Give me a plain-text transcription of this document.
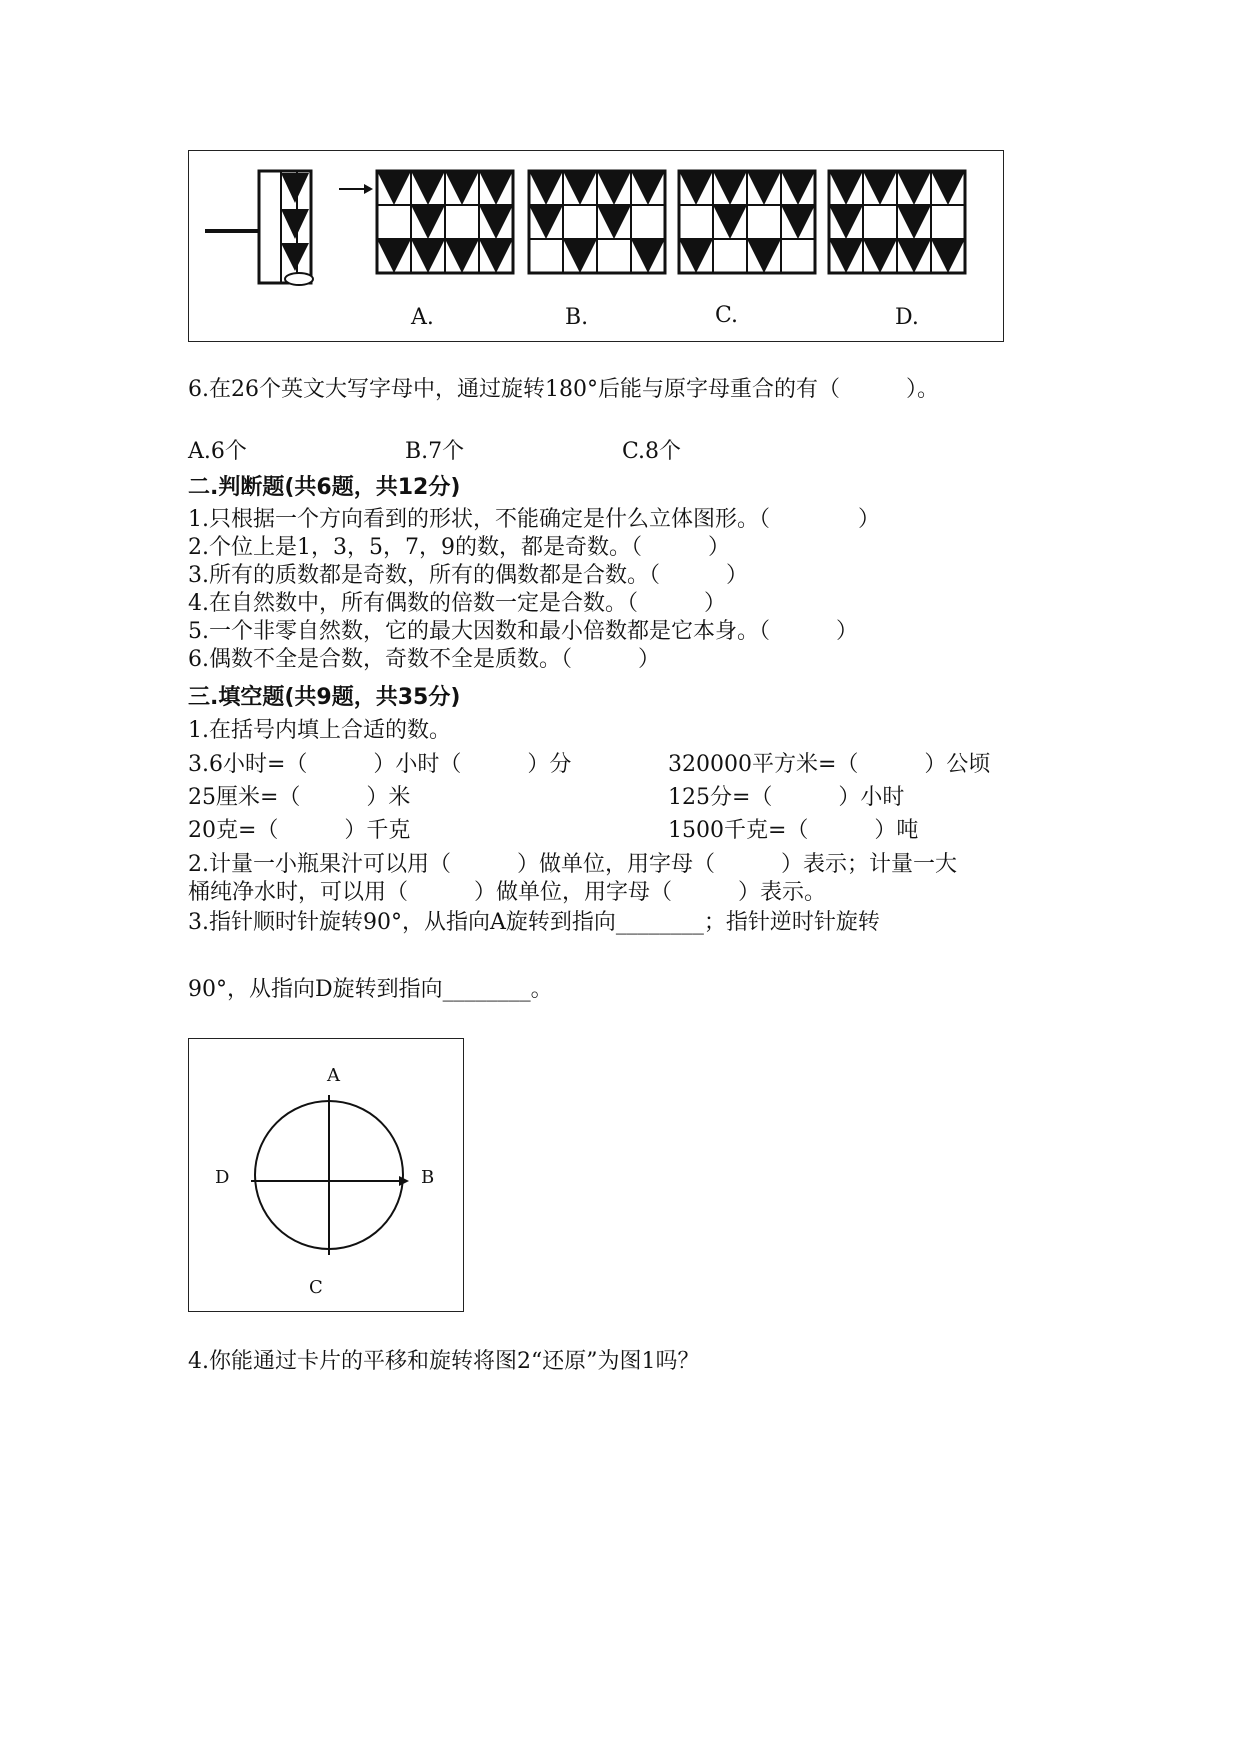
A.	B.	C.	D.
6.在26个英文大写字母中，通过旋转180°后能与原字母重合的有（　　　）。
A.6个	B.7个	C.8个
二.判断题(共6题，共12分)
1.只根据一个方向看到的形状，不能确定是什么立体图形。（　　　　）
2.个位上是1，3，5，7，9的数，都是奇数。（　　　）
3.所有的质数都是奇数，所有的偶数都是合数。（　　　）
4.在自然数中，所有偶数的倍数一定是合数。（　　　）
5.一个非零自然数，它的最大因数和最小倍数都是它本身。（　　　）
6.偶数不全是合数，奇数不全是质数。（　　　）
三.填空题(共9题，共35分)
1.在括号内填上合适的数。
3.6小时=（　　　）小时（　　　）分	320000平方米=（　　　）公顷
25厘米=（　　　）米	125分=（　　　）小时
20克=（　　　）千克	1500千克=（　　　）吨
2.计量一小瓶果汁可以用（　　　）做单位，用字母（　　　）表示；计量一大
桶纯净水时，可以用（　　　）做单位，用字母（　　　）表示。
3.指针顺时针旋转90°，从指向A旋转到指向________；指针逆时针旋转
90°，从指向D旋转到指向________。
A
B
C
D
4.你能通过卡片的平移和旋转将图2“还原”为图1吗？
